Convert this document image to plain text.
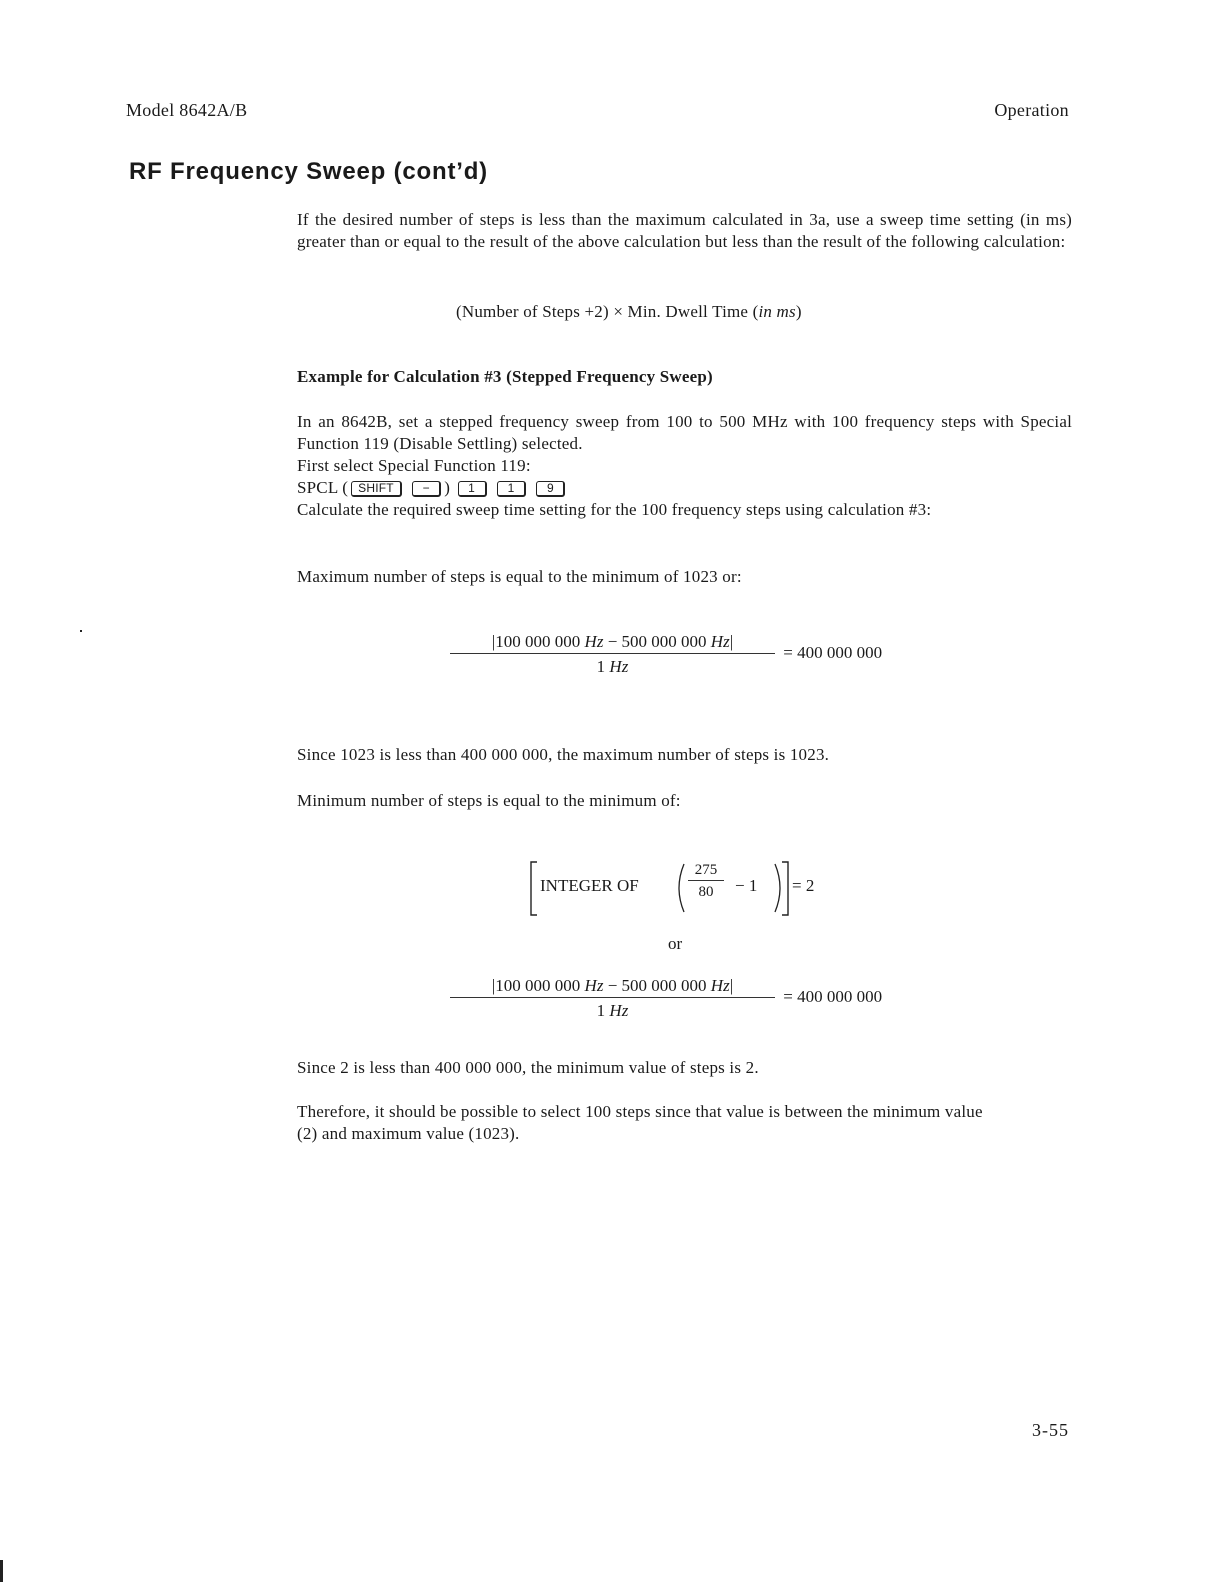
Model 8642A/B	Operation
RF Frequency Sweep (cont’d)

If the desired number of steps is less than the maximum calculated in 3a, use a sweep time setting (in ms) greater than or equal to the result of the above calculation but less than the result of the following calculation:

(Number of Steps +2) × Min. Dwell Time (in ms)

Example for Calculation #3 (Stepped Frequency Sweep)

In an 8642B, set a stepped frequency sweep from 100 to 500 MHz with 100 frequency steps with Special Function 119 (Disable Settling) selected.

First select Special Function 119:

SPCL ( SHIFT − ) 1	1	9

Calculate the required sweep time setting for the 100 frequency steps using calculation #3:

Maximum number of steps is equal to the minimum of 1023 or:

$\frac{|100 000 000 Hz - 500 000 000 Hz|}{1 Hz} = 400$ 000 000

Since 1023 is less than 400 000 000, the maximum number of steps is 1023.

Minimum number of steps is equal to the minimum of:

INTEGER OF	$\frac{275}{80} - 1 = 2$
or
$\frac{|100 000 000 Hz - 500 000 000 Hz|}{1 Hz} = 400$ 000 000

Since 2 is less than 400 000 000, the minimum value of steps is 2.

Therefore, it should be possible to select 100 steps since that value is between the minimum value (2) and maximum value (1023).

3-55
